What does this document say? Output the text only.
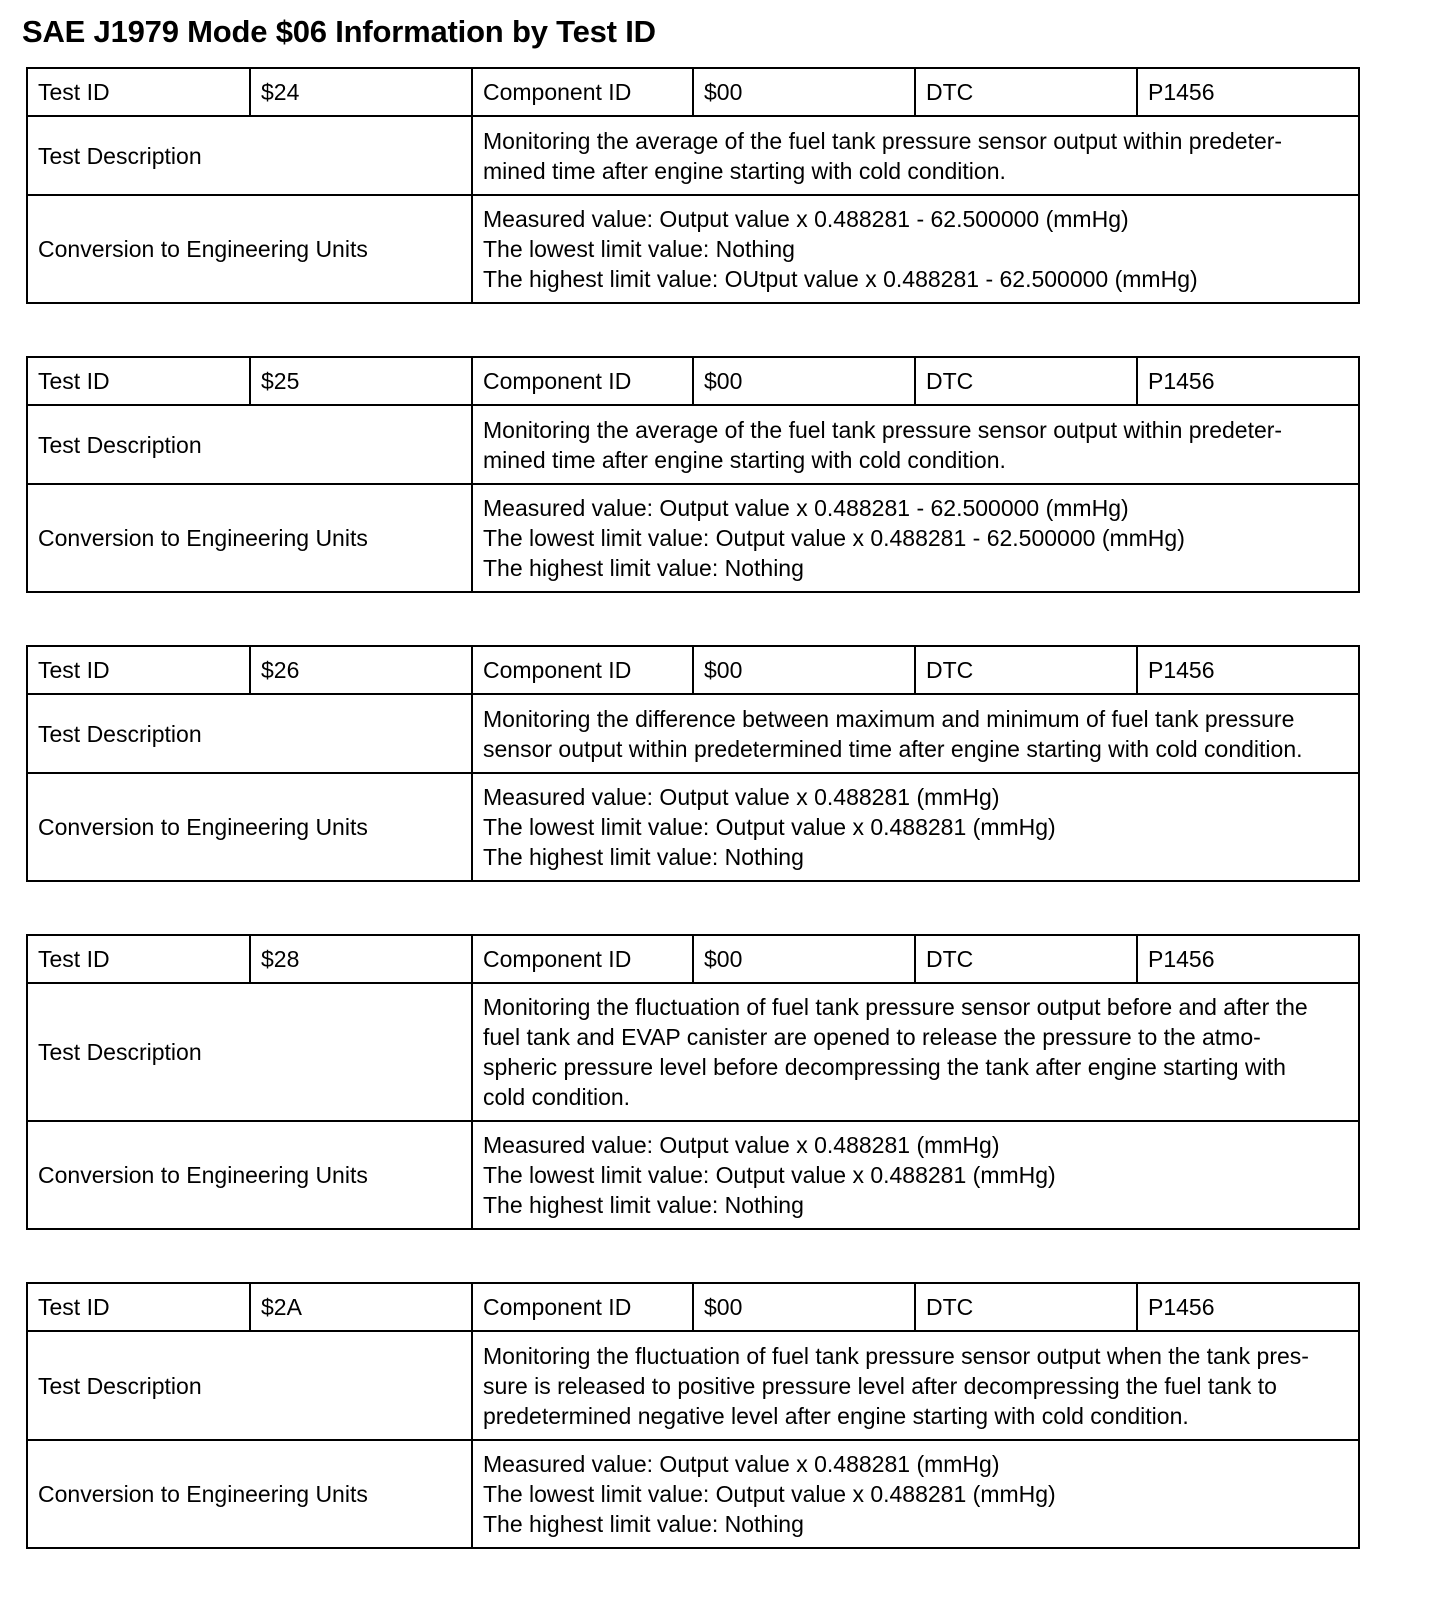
SAE J1979 Mode $06 Information by Test ID
Test ID	$24	Component ID	$00	DTC	P1456
Test Description		Monitoring the average of the fuel tank pressure sensor output within predeter-
mined time after engine starting with cold condition.			

Conversion to Engineering Units		Measured value: Output value x 0.488281 - 62.500000 (mmHg)
The lowest limit value: Nothing
The highest limit value: OUtput value x 0.488281 - 62.500000 (mmHg)			
Test ID	$25	Component ID	$00	DTC	P1456
Test Description		Monitoring the average of the fuel tank pressure sensor output within predeter-
mined time after engine starting with cold condition.			

Conversion to Engineering Units		Measured value: Output value x 0.488281 - 62.500000 (mmHg)
The lowest limit value: Output value x 0.488281 - 62.500000 (mmHg)
The highest limit value: Nothing			
Test ID	$26	Component ID	$00	DTC	P1456
Test Description		Monitoring the difference between maximum and minimum of fuel tank pressure
sensor output within predetermined time after engine starting with cold condition.			

Conversion to Engineering Units		Measured value: Output value x 0.488281 (mmHg)
The lowest limit value: Output value x 0.488281 (mmHg)
The highest limit value: Nothing			
Test ID	$28	Component ID	$00	DTC	P1456
Test Description		Monitoring the fluctuation of fuel tank pressure sensor output before and after the
fuel tank and EVAP canister are opened to release the pressure to the atmo-
spheric pressure level before decompressing the tank after engine starting with
cold condition.			

Conversion to Engineering Units		Measured value: Output value x 0.488281 (mmHg)
The lowest limit value: Output value x 0.488281 (mmHg)
The highest limit value: Nothing			
Test ID	$2A	Component ID	$00	DTC	P1456
Test Description		Monitoring the fluctuation of fuel tank pressure sensor output when the tank pres-
sure is released to positive pressure level after decompressing the fuel tank to
predetermined negative level after engine starting with cold condition.			

Conversion to Engineering Units		Measured value: Output value x 0.488281 (mmHg)
The lowest limit value: Output value x 0.488281 (mmHg)
The highest limit value: Nothing			
